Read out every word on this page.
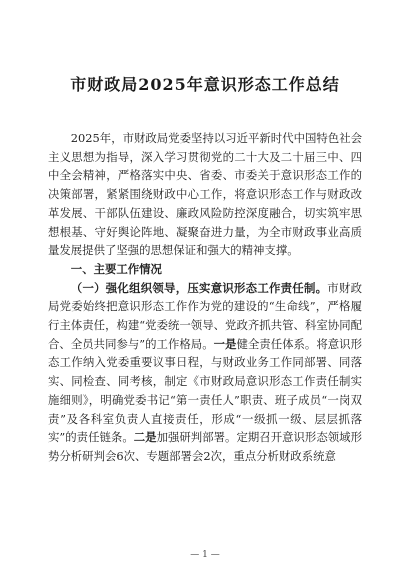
市财政局2025年意识形态工作总结

2025年，市财政局党委坚持以习近平新时代中国特色社会主义思想为指导，深入学习贯彻党的二十大及二十届三中、四中全会精神，严格落实中央、省委、市委关于意识形态工作的决策部署，紧紧围绕财政中心工作，将意识形态工作与财政改革发展、干部队伍建设、廉政风险防控深度融合，切实筑牢思想根基、守好舆论阵地、凝聚奋进力量，为全市财政事业高质量发展提供了坚强的思想保证和强大的精神支撑。

一、主要工作情况

（一）强化组织领导，压实意识形态工作责任制。市财政局党委始终把意识形态工作作为党的建设的“生命线”，严格履行主体责任，构建“党委统一领导、党政齐抓共管、科室协同配合、全员共同参与”的工作格局。一是健全责任体系。将意识形态工作纳入党委重要议事日程，与财政业务工作同部署、同落实、同检查、同考核，制定《市财政局意识形态工作责任制实施细则》，明确党委书记“第一责任人”职责、班子成员“一岗双责”及各科室负责人直接责任，形成“一级抓一级、层层抓落实”的责任链条。二是加强研判部署。定期召开意识形态领域形势分析研判会6次、专题部署会2次，重点分析财政系统意

— 1 —
